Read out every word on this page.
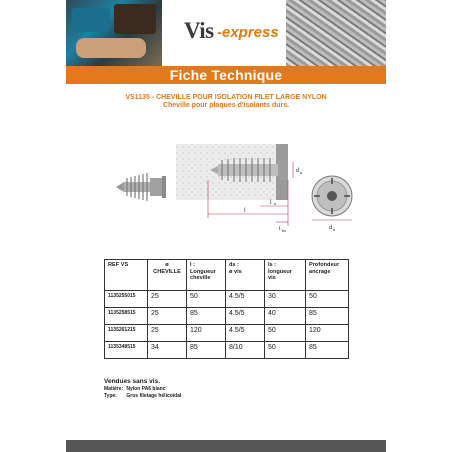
Vis -express
Fiche Technique
VS1135 - CHEVILLE POUR ISOLATION FILET LARGE NYLON
Cheville pour plaques d'isolants durs.
l
l s
t fix
d s
d o
REF VS	ø CHEVILLE	l :
Longueur
cheville	ds :
ø vis	ls :
longueur
vis	Profondeur
ancrage
1135255015	25	50	4.5/5	30	50
1135258515	25	85	4.5/5	40	85
1135261215	25	120	4.5/5	50	120
1135348515	34	85	8/10	50	85
Vendues sans vis.
Matière: Nylon PA6 blanc
Type: Gros filetage hélicoïdal
